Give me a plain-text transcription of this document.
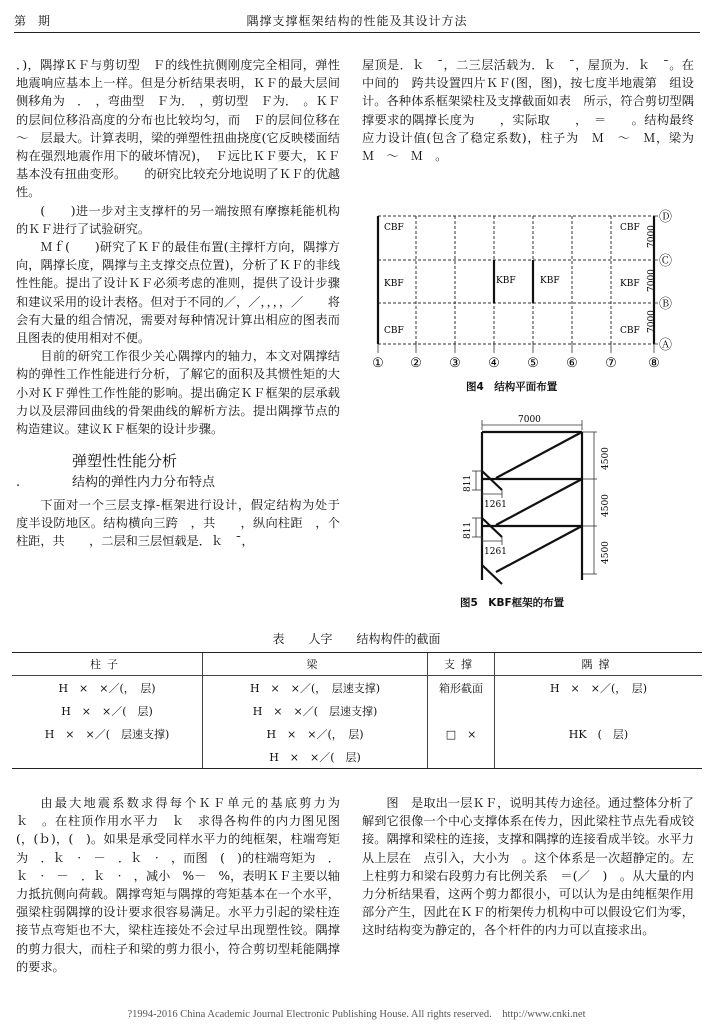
第　期	隅撑支撑框架结构的性能及其设计方法

．)，隅撑ＫＦ与剪切型　Ｆ的线性抗侧刚度完全相同，弹性地震响应基本上一样。但是分析结果表明，ＫＦ的最大层间侧移角为　．　，弯曲型　Ｆ为．　，剪切型　Ｆ为．　。ＫＦ的层间位移沿高度的分布也比较均匀，而　Ｆ的层间位移在　～　层最大。计算表明，梁的弹塑性扭曲挠度(它反映楼面结构在强烈地震作用下的破坏情况)，　Ｆ远比ＫＦ要大，ＫＦ基本没有扭曲变形。　　的研究比较充分地说明了ＫＦ的优越性。

(　　)进一步对主支撑杆的另一端按照有摩擦耗能机构的ＫＦ进行了试验研究。

Ｍｆ(　　)研究了ＫＦ的最佳布置(主撑杆方向，隅撑方向，隅撑长度，隅撑与主支撑交点位置)，分析了ＫＦ的非线性性能。提出了设计ＫＦ必须考虑的准则，提供了设计步骤和建议采用的设计表格。但对于不同的／，／，，，，／　　将会有大量的组合情况，需要对每种情况计算出相应的图表而且图表的使用相对不便。

目前的研究工作很少关心隅撑内的轴力，本文对隅撑结构的弹性工作性能进行分析，了解它的面积及其惯性矩的大小对ＫＦ弹性工作性能的影响。提出确定ＫＦ框架的层承载力以及层滞回曲线的骨架曲线的解析方法。提出隅撑节点的构造建议。建议ＫＦ框架的设计步骤。

弹塑性性能分析

.	结构的弹性内力分布特点

下面对一个三层支撑-框架进行设计，假定结构为处于　度半设防地区。结构横向三跨　，共　　，纵向柱距　，个柱距，共　　，二层和三层恒载是．ｋ　¯，

屋顶是．ｋ　¯，二三层活载为．ｋ　¯，屋顶为．ｋ　¯。在中间的　跨共设置四片ＫＦ(图，图)，按七度半地震第　组设计。各种体系框架梁柱及支撑截面如表　所示，符合剪切型隅撑要求的隅撑长度为　　，实际取　　，　＝　　。结构最终应力设计值(包含了稳定系数)，柱子为　Ｍ　～　Ｍ，梁为　Ｍ　～　Ｍ　。

CBF	CBF
KBF	KBF	KBF	KBF
CBF	CBF
① ② ③ ④ ⑤ ⑥ ⑦ ⑧
Ⓓ
Ⓒ
Ⓑ
Ⓐ
7000
7000
7000
图4　结构平面布置
7000
4500
4500
4500
811
1261
811
1261
图5　KBF框架的布置
表　　人字　　结构构件的截面
柱子	梁	支撑	隅撑
H　×　×／(，　层)	H　×　×／(，　层速支撑)	箱形截面	H　×　×／(，　层)
H　×　×／(　层)	H　×　×／(　层速支撑)		
H　×　×／(　层速支撑)	H　×　×／(，　层)	□　×	HK　(　层)
	H　×　×／(　层)		

由最大地震系数求得每个ＫＦ单元的基底剪力为　ｋ　。在柱顶作用水平力　ｋ　求得各构件的内力图见图　(，(ｂ)，(　)。如果是承受同样水平力的纯框架，柱端弯矩为　．ｋ　·　－　．ｋ　·　，而图　(　)的柱端弯矩为　．ｋ　·　－　．ｋ　·　，减小　%－　%，表明ＫＦ主要以轴力抵抗侧向荷载。隅撑弯矩与隅撑的弯矩基本在一个水平，强梁柱弱隅撑的设计要求很容易满足。水平力引起的梁柱连接节点弯矩也不大，梁柱连接处不会过早出现塑性铰。隅撑的剪力很大，而柱子和梁的剪力很小，符合剪切型耗能隅撑的要求。

图　是取出一层ＫＦ，说明其传力途径。通过整体分析了解到它很像一个中心支撑体系在传力，因此梁柱节点先看成铰接。隅撑和梁柱的连接，支撑和隅撑的连接看成半铰。水平力从上层在　点引入，大小为　。这个体系是一次超静定的。左上柱剪力和梁右段剪力有比例关系　＝(／　)　。从大量的内力分析结果看，这两个剪力都很小，可以认为是由纯框架作用部分产生，因此在ＫＦ的桁架传力机构中可以假设它们为零，这时结构变为静定的，各个杆件的内力可以直接求出。

?1994-2016 China Academic Journal Electronic Publishing House. All rights reserved.　http://www.cnki.net
